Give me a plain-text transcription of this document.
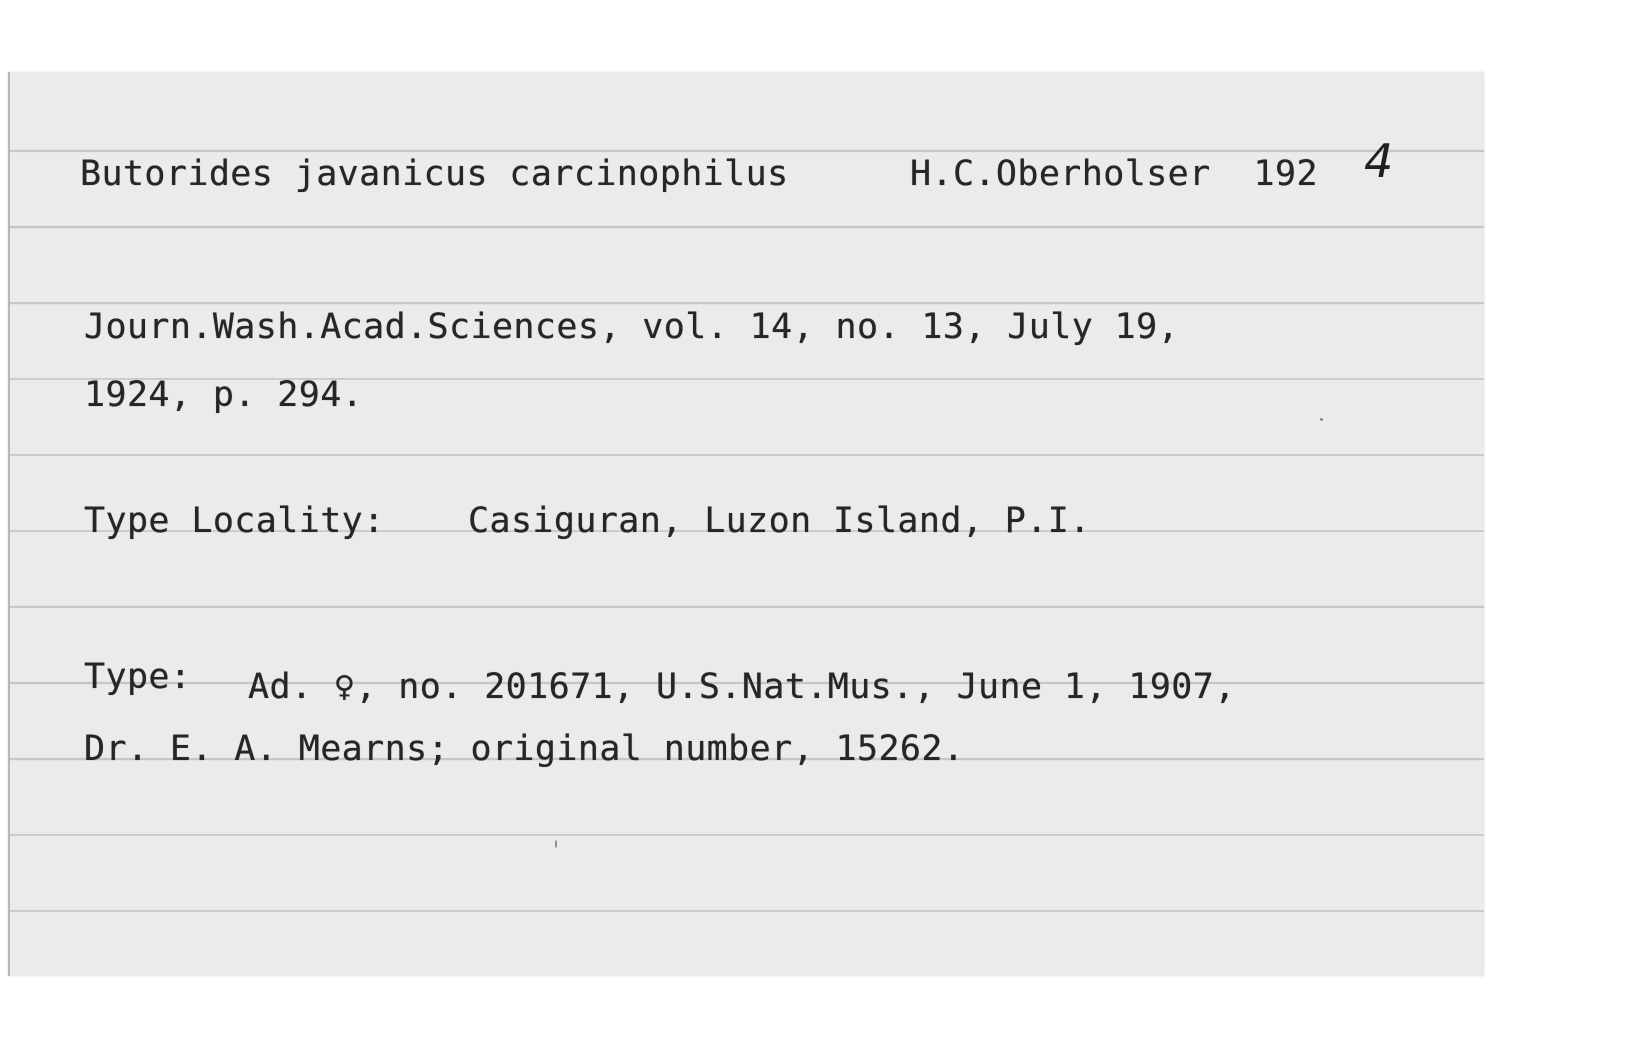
Butorides javanicus carcinophilus	H.C.Oberholser  192 4
Journ.Wash.Acad.Sciences, vol. 14, no. 13, July 19,
1924, p. 294.
Type Locality: Casiguran, Luzon Island, P.I.
Type: Ad. ♀, no. 201671, U.S.Nat.Mus., June 1, 1907,
Dr. E. A. Mearns; original number, 15262.
